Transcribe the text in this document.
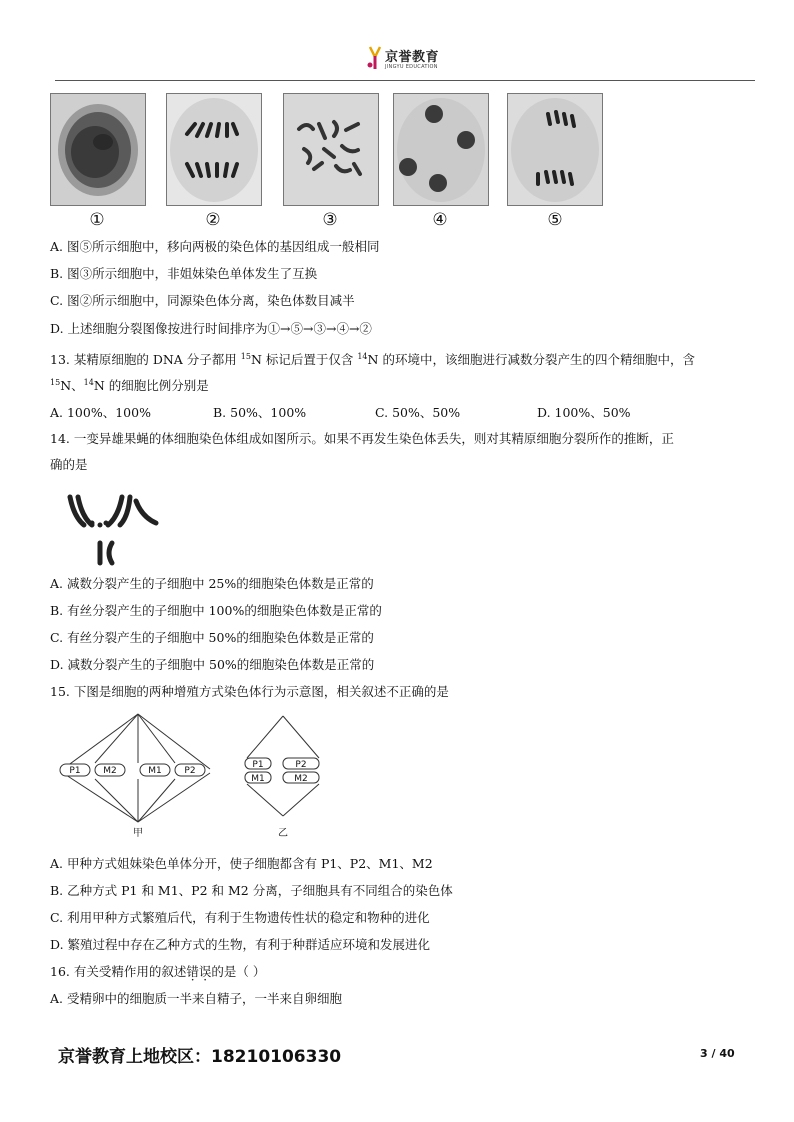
京誉教育
JINGYU EDUCATION
①	②	③	④	⑤
A. 图⑤所示细胞中，移向两极的染色体的基因组成一般相同
B. 图③所示细胞中，非姐妹染色单体发生了互换
C. 图②所示细胞中，同源染色体分离，染色体数目减半
D. 上述细胞分裂图像按进行时间排序为①→⑤→③→④→②
13. 某精原细胞的 DNA 分子都用 $^{15}$N 标记后置于仅含 $^{14}$N 的环境中，该细胞进行减数分裂产生的四个精细胞中，含
$^{15}$N、$^{14}$N 的细胞比例分别是
A. 100%、100%	B. 50%、100%	C. 50%、50%	D. 100%、50%
14. 一变异雄果蝇的体细胞染色体组成如图所示。如果不再发生染色体丢失，则对其精原细胞分裂所作的推断，正
确的是
A. 减数分裂产生的子细胞中 25%的细胞染色体数是正常的
B. 有丝分裂产生的子细胞中 100%的细胞染色体数是正常的
C. 有丝分裂产生的子细胞中 50%的细胞染色体数是正常的
D. 减数分裂产生的子细胞中 50%的细胞染色体数是正常的
15. 下图是细胞的两种增殖方式染色体行为示意图，相关叙述不正确的是
P1	M2	M1	P2
甲
P1	P2
M1	M2
乙
A. 甲种方式姐妹染色单体分开，使子细胞都含有 P1、P2、M1、M2
B. 乙种方式 P1 和 M1、P2 和 M2 分离，子细胞具有不同组合的染色体
C. 利用甲种方式繁殖后代，有利于生物遗传性状的稳定和物种的进化
D. 繁殖过程中存在乙种方式的生物，有利于种群适应环境和发展进化
16. 有关受精作用的叙述错误的是（ ）
A. 受精卵中的细胞质一半来自精子，一半来自卵细胞
京誉教育上地校区：18210106330	3 / 40
